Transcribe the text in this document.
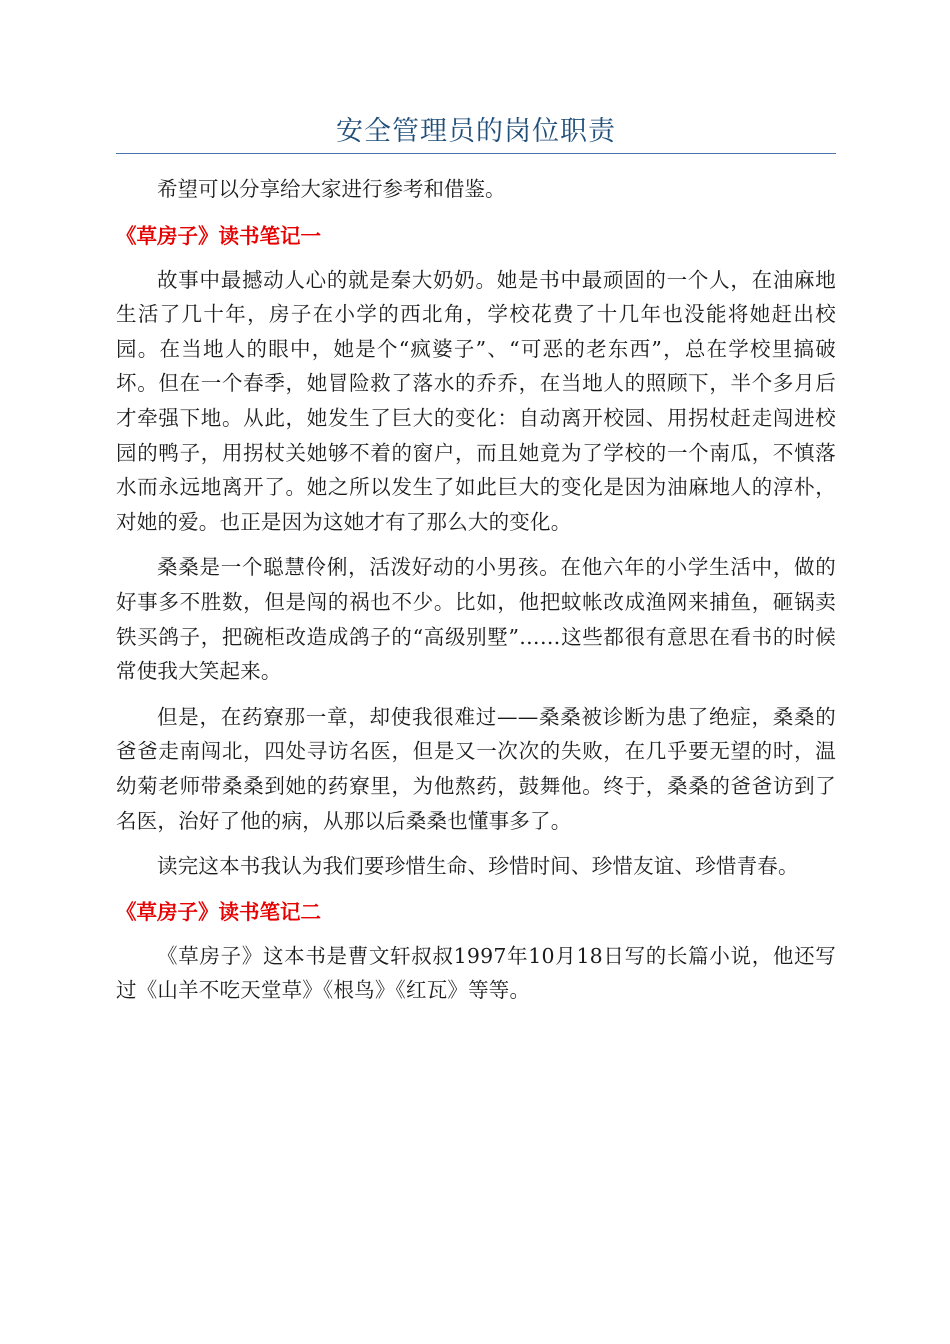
安全管理员的岗位职责

希望可以分享给大家进行参考和借鉴。

《草房子》读书笔记一

故事中最撼动人心的就是秦大奶奶。她是书中最顽固的一个人，在油麻地生活了几十年，房子在小学的西北角，学校花费了十几年也没能将她赶出校园。在当地人的眼中，她是个“疯婆子”、“可恶的老东西”，总在学校里搞破坏。但在一个春季，她冒险救了落水的乔乔，在当地人的照顾下，半个多月后才牵强下地。从此，她发生了巨大的变化：自动离开校园、用拐杖赶走闯进校园的鸭子，用拐杖关她够不着的窗户，而且她竟为了学校的一个南瓜，不慎落水而永远地离开了。她之所以发生了如此巨大的变化是因为油麻地人的淳朴，对她的爱。也正是因为这她才有了那么大的变化。

桑桑是一个聪慧伶俐，活泼好动的小男孩。在他六年的小学生活中，做的好事多不胜数，但是闯的祸也不少。比如，他把蚊帐改成渔网来捕鱼，砸锅卖铁买鸽子，把碗柜改造成鸽子的“高级别墅”……这些都很有意思在看书的时候常使我大笑起来。

但是，在药寮那一章，却使我很难过——桑桑被诊断为患了绝症，桑桑的爸爸走南闯北，四处寻访名医，但是又一次次的失败，在几乎要无望的时，温幼菊老师带桑桑到她的药寮里，为他熬药，鼓舞他。终于，桑桑的爸爸访到了名医，治好了他的病，从那以后桑桑也懂事多了。

读完这本书我认为我们要珍惜生命、珍惜时间、珍惜友谊、珍惜青春。

《草房子》读书笔记二

《草房子》这本书是曹文轩叔叔1997年10月18日写的长篇小说，他还写过《山羊不吃天堂草》《根鸟》《红瓦》等等。
